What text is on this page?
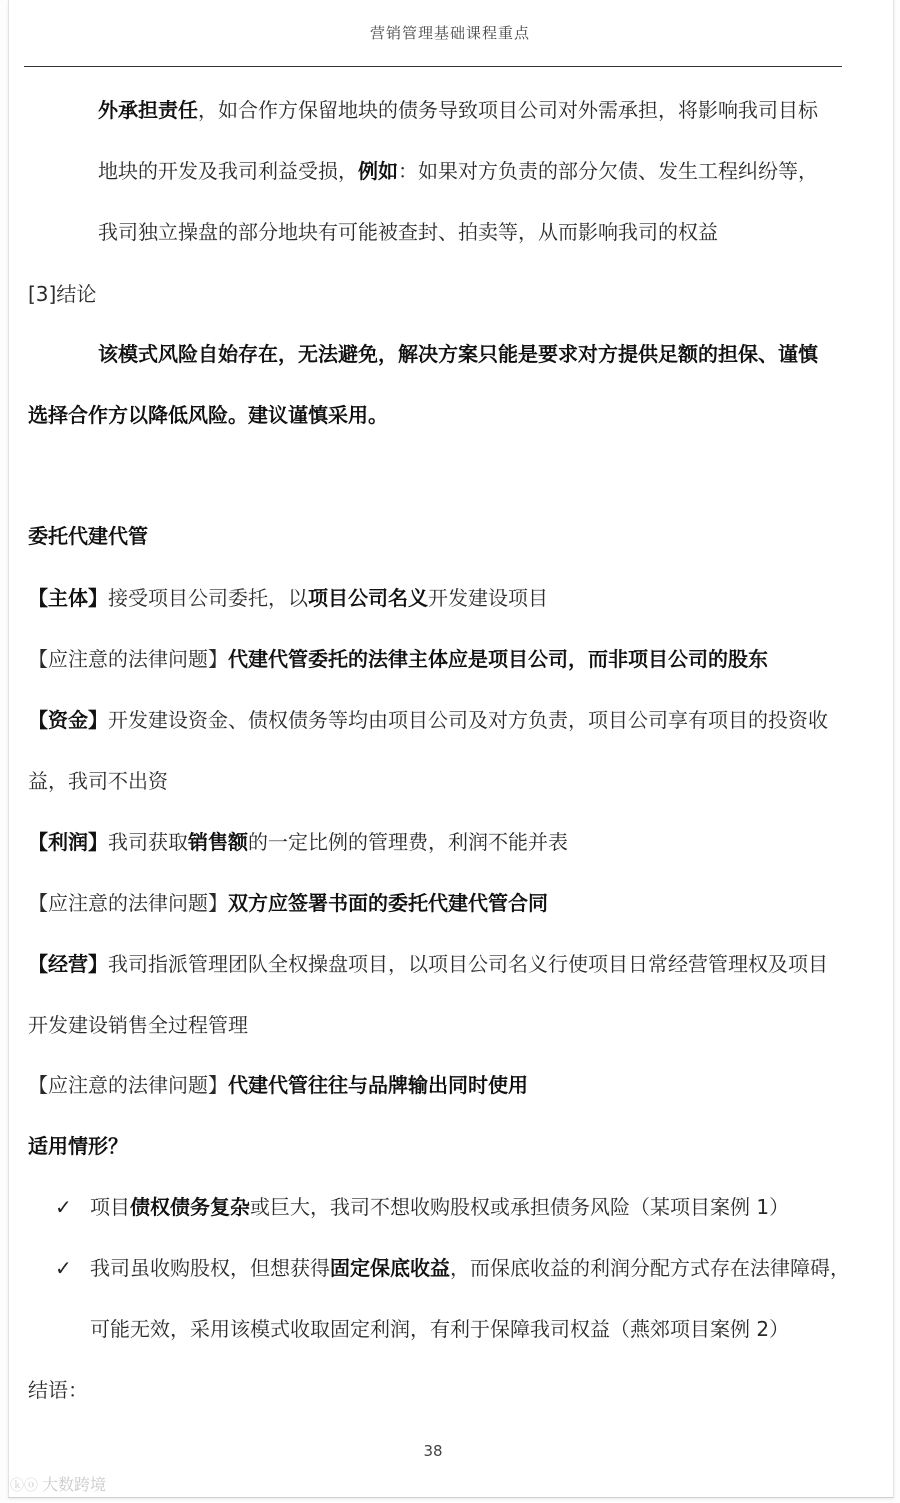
营销管理基础课程重点
外承担责任，如合作方保留地块的债务导致项目公司对外需承担，将影响我司目标
地块的开发及我司利益受损，例如：如果对方负责的部分欠债、发生工程纠纷等，
我司独立操盘的部分地块有可能被查封、拍卖等，从而影响我司的权益
[3]结论
该模式风险自始存在，无法避免，解决方案只能是要求对方提供足额的担保、谨慎
选择合作方以降低风险。建议谨慎采用。
委托代建代管
【主体】接受项目公司委托，以项目公司名义开发建设项目
【应注意的法律问题】代建代管委托的法律主体应是项目公司，而非项目公司的股东
【资金】开发建设资金、债权债务等均由项目公司及对方负责，项目公司享有项目的投资收
益，我司不出资
【利润】我司获取销售额的一定比例的管理费，利润不能并表
【应注意的法律问题】双方应签署书面的委托代建代管合同
【经营】我司指派管理团队全权操盘项目，以项目公司名义行使项目日常经营管理权及项目
开发建设销售全过程管理
【应注意的法律问题】代建代管往往与品牌输出同时使用
适用情形？
✓ 项目债权债务复杂或巨大，我司不想收购股权或承担债务风险（某项目案例 1）
✓ 我司虽收购股权，但想获得固定保底收益，而保底收益的利润分配方式存在法律障碍，
可能无效，采用该模式收取固定利润，有利于保障我司权益（燕郊项目案例 2）
结语：
38
ⓚⓞ 大数跨境
